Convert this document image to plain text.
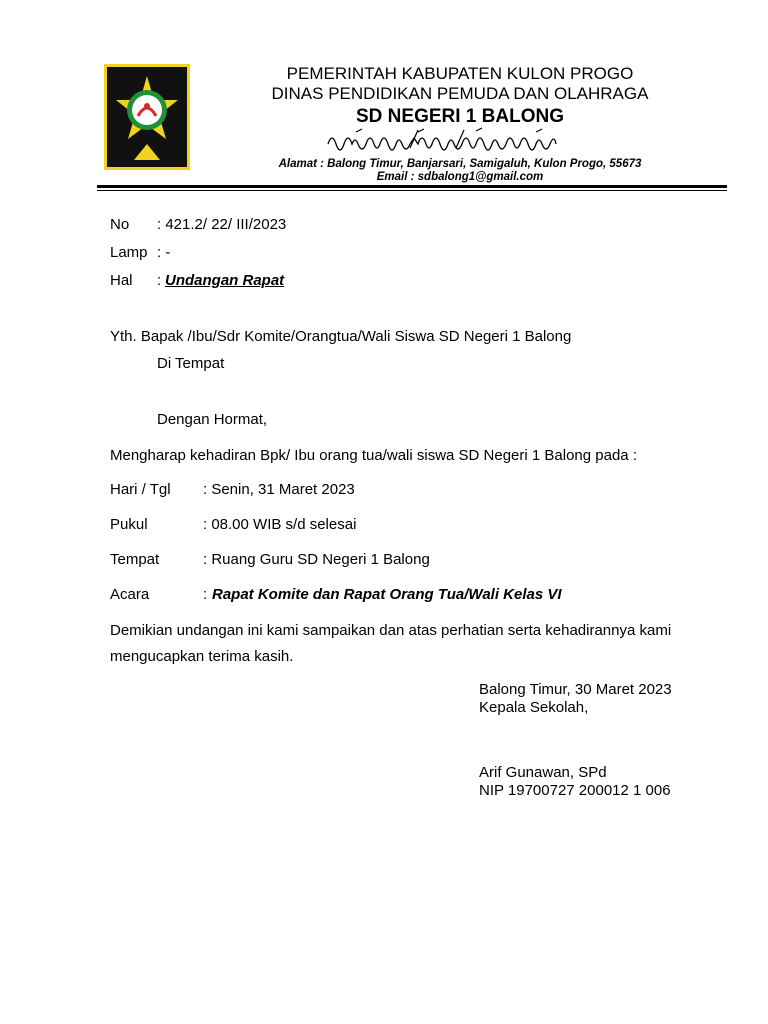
PEMERINTAH KABUPATEN KULON PROGO
DINAS PENDIDIKAN PEMUDA DAN OLAHRAGA
SD NEGERI 1 BALONG
Alamat : Balong Timur, Banjarsari, Samigaluh, Kulon Progo, 55673
Email : sdbalong1@gmail.com
No : 421.2/ 22/ III/2023
Lamp : -
Hal : Undangan Rapat
Yth. Bapak /Ibu/Sdr Komite/Orangtua/Wali Siswa SD Negeri 1 Balong
Di Tempat
Dengan Hormat,
Mengharap kehadiran Bpk/ Ibu orang tua/wali siswa SD Negeri 1 Balong pada :
Hari / Tgl : Senin, 31 Maret 2023
Pukul	: 08.00 WIB s/d selesai
Tempat	: Ruang Guru SD Negeri 1 Balong
Acara	: Rapat Komite dan Rapat Orang Tua/Wali Kelas VI
Demikian undangan ini kami sampaikan dan atas perhatian serta kehadirannya kami
mengucapkan terima kasih.
Balong Timur, 30 Maret 2023
Kepala Sekolah,
Arif Gunawan, SPd
NIP 19700727 200012 1 006
